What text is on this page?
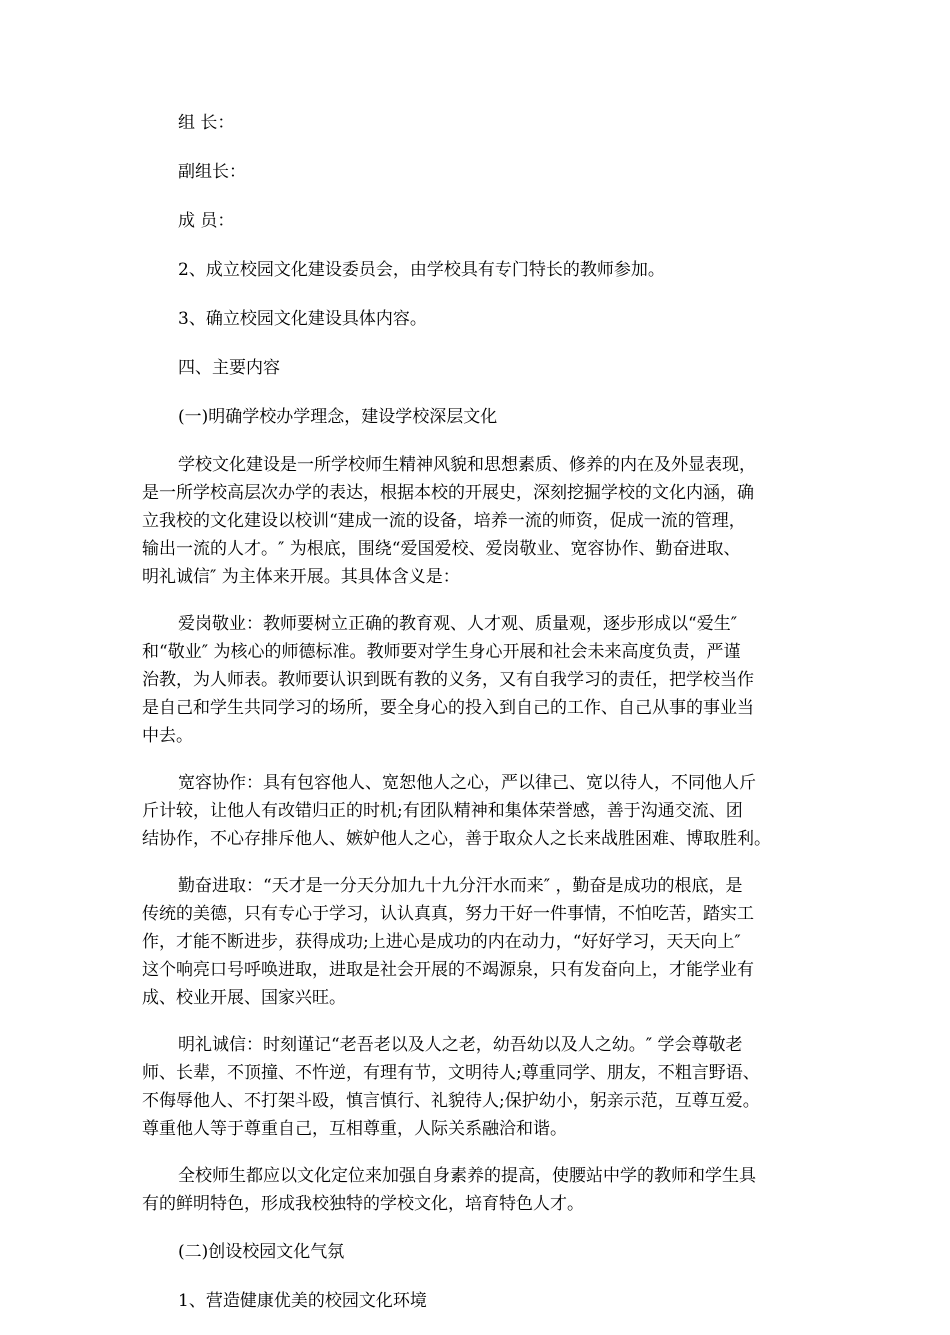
组 长：
副组长：
成 员：
2、成立校园文化建设委员会，由学校具有专门特长的教师参加。
3、确立校园文化建设具体内容。
四、主要内容
(一)明确学校办学理念，建设学校深层文化
学校文化建设是一所学校师生精神风貌和思想素质、修养的内在及外显表现，
是一所学校高层次办学的表达，根据本校的开展史，深刻挖掘学校的文化内涵，确
立我校的文化建设以校训“建成一流的设备，培养一流的师资，促成一流的管理，
输出一流的人才。″ 为根底，围绕“爱国爱校、爱岗敬业、宽容协作、勤奋进取、
明礼诚信″ 为主体来开展。其具体含义是：
爱岗敬业：教师要树立正确的教育观、人才观、质量观，逐步形成以“爱生″
和“敬业″ 为核心的师德标准。教师要对学生身心开展和社会未来高度负责，严谨
治教，为人师表。教师要认识到既有教的义务，又有自我学习的责任，把学校当作
是自己和学生共同学习的场所，要全身心的投入到自己的工作、自己从事的事业当
中去。
宽容协作：具有包容他人、宽恕他人之心，严以律己、宽以待人，不同他人斤
斤计较，让他人有改错归正的时机;有团队精神和集体荣誉感，善于沟通交流、团
结协作，不心存排斥他人、嫉妒他人之心，善于取众人之长来战胜困难、博取胜利。
勤奋进取：“天才是一分天分加九十九分汗水而来″ ，勤奋是成功的根底，是
传统的美德，只有专心于学习，认认真真，努力干好一件事情，不怕吃苦，踏实工
作，才能不断进步，获得成功;上进心是成功的内在动力，“好好学习，天天向上″
这个响亮口号呼唤进取，进取是社会开展的不竭源泉，只有发奋向上，才能学业有
成、校业开展、国家兴旺。
明礼诚信：时刻谨记“老吾老以及人之老，幼吾幼以及人之幼。″ 学会尊敬老
师、长辈，不顶撞、不忤逆，有理有节，文明待人;尊重同学、朋友，不粗言野语、
不侮辱他人、不打架斗殴，慎言慎行、礼貌待人;保护幼小，躬亲示范，互尊互爱。
尊重他人等于尊重自己，互相尊重，人际关系融洽和谐。
全校师生都应以文化定位来加强自身素养的提高，使腰站中学的教师和学生具
有的鲜明特色，形成我校独特的学校文化，培育特色人才。
(二)创设校园文化气氛
1、营造健康优美的校园文化环境
